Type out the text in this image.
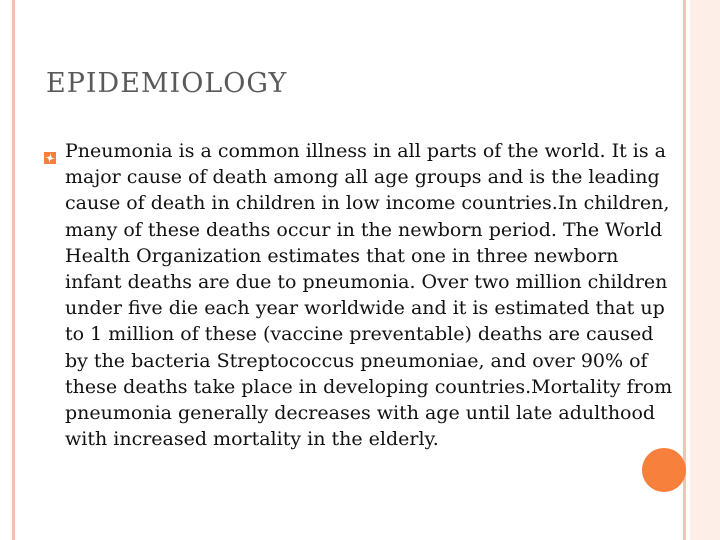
EPIDEMIOLOGY
Pneumonia is a common illness in all parts of the world. It is a major cause of death among all age groups and is the leading cause of death in children in low income countries.In children, many of these deaths occur in the newborn period. The World Health Organization estimates that one in three newborn infant deaths are due to pneumonia. Over two million children under five die each year worldwide and it is estimated that up to 1 million of these (vaccine preventable) deaths are caused by the bacteria Streptococcus pneumoniae, and over 90% of these deaths take place in developing countries.Mortality from pneumonia generally decreases with age until late adulthood with increased mortality in the elderly.
